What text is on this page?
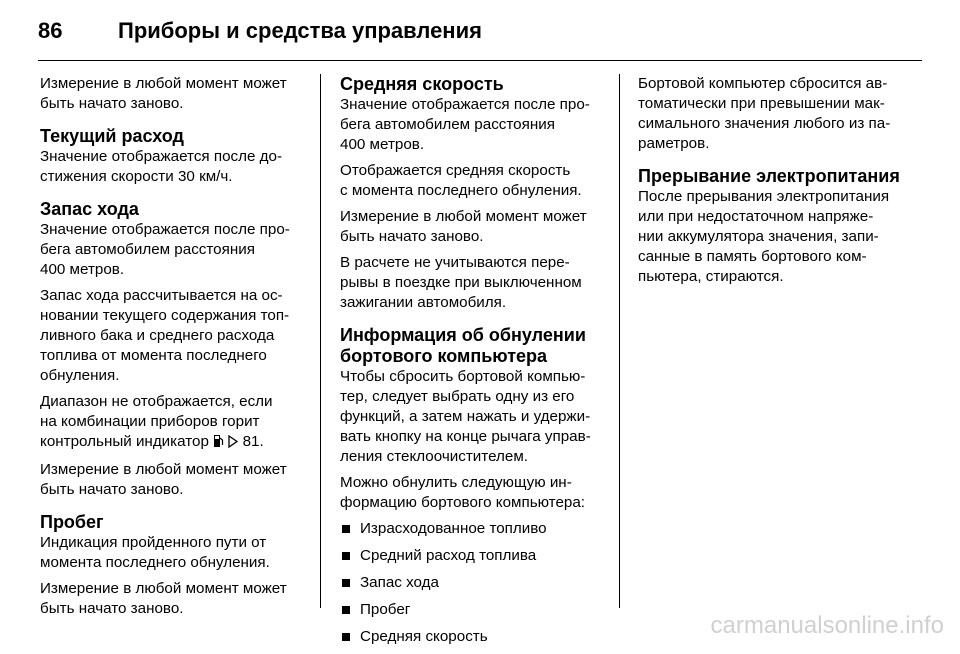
86	Приборы и средства управления

Измерение в любой момент может
быть начато заново.

Текущий расход

Значение отображается после до-
стижения скорости 30 км/ч.

Запас хода

Значение отображается после про-
бега автомобилем расстояния
400 метров.

Запас хода рассчитывается на ос-
новании текущего содержания топ-
ливного бака и среднего расхода
топлива от момента последнего
обнуления.

Диапазон не отображается, если
на комбинации приборов горит
контрольный индикатор   81.

Измерение в любой момент может
быть начато заново.

Пробег

Индикация пройденного пути от
момента последнего обнуления.

Измерение в любой момент может
быть начато заново.

Средняя скорость

Значение отображается после про-
бега автомобилем расстояния
400 метров.

Отображается средняя скорость
с момента последнего обнуления.

Измерение в любой момент может
быть начато заново.

В расчете не учитываются пере-
рывы в поездке при выключенном
зажигании автомобиля.

Информация об обнулении
бортового компьютера

Чтобы сбросить бортовой компью-
тер, следует выбрать одну из его
функций, а затем нажать и удержи-
вать кнопку на конце рычага управ-
ления стеклоочистителем.

Можно обнулить следующую ин-
формацию бортового компьютера:

Израсходованное топливо
Средний расход топлива
Запас хода
Пробег
Средняя скорость

Бортовой компьютер сбросится ав-
томатически при превышении мак-
симального значения любого из па-
раметров.

Прерывание электропитания

После прерывания электропитания
или при недостаточном напряже-
нии аккумулятора значения, запи-
санные в память бортового ком-
пьютера, стираются.

carmanualsonline.info
